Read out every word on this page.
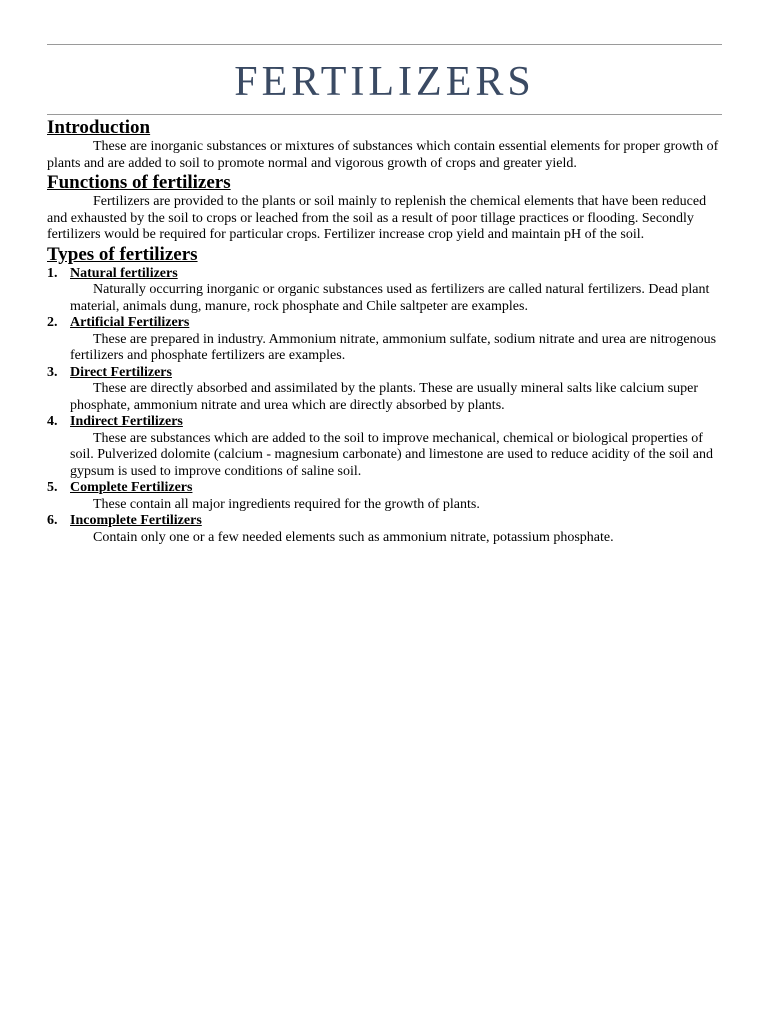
FERTILIZERS
Introduction

These are inorganic substances or mixtures of substances which contain essential elements for proper growth of plants and are added to soil to promote normal and vigorous growth of crops and greater yield.

Functions of fertilizers

Fertilizers are provided to the plants or soil mainly to replenish the chemical elements that have been reduced and exhausted by the soil to crops or leached from the soil as a result of poor tillage practices or flooding. Secondly fertilizers would be required for particular crops. Fertilizer increase crop yield and maintain pH of the soil.

Types of fertilizers
1. Natural fertilizers
Naturally occurring inorganic or organic substances used as fertilizers are called natural fertilizers. Dead plant material, animals dung, manure, rock phosphate and Chile saltpeter are examples.
2. Artificial Fertilizers
These are prepared in industry. Ammonium nitrate, ammonium sulfate, sodium nitrate and urea are nitrogenous fertilizers and phosphate fertilizers are examples.
3. Direct Fertilizers
These are directly absorbed and assimilated by the plants. These are usually mineral salts like calcium super phosphate, ammonium nitrate and urea which are directly absorbed by plants.
4. Indirect Fertilizers
These are substances which are added to the soil to improve mechanical, chemical or biological properties of soil. Pulverized dolomite (calcium - magnesium carbonate) and limestone are used to reduce acidity of the soil and gypsum is used to improve conditions of saline soil.
5. Complete Fertilizers
These contain all major ingredients required for the growth of plants.
6. Incomplete Fertilizers
Contain only one or a few needed elements such as ammonium nitrate, potassium phosphate.
